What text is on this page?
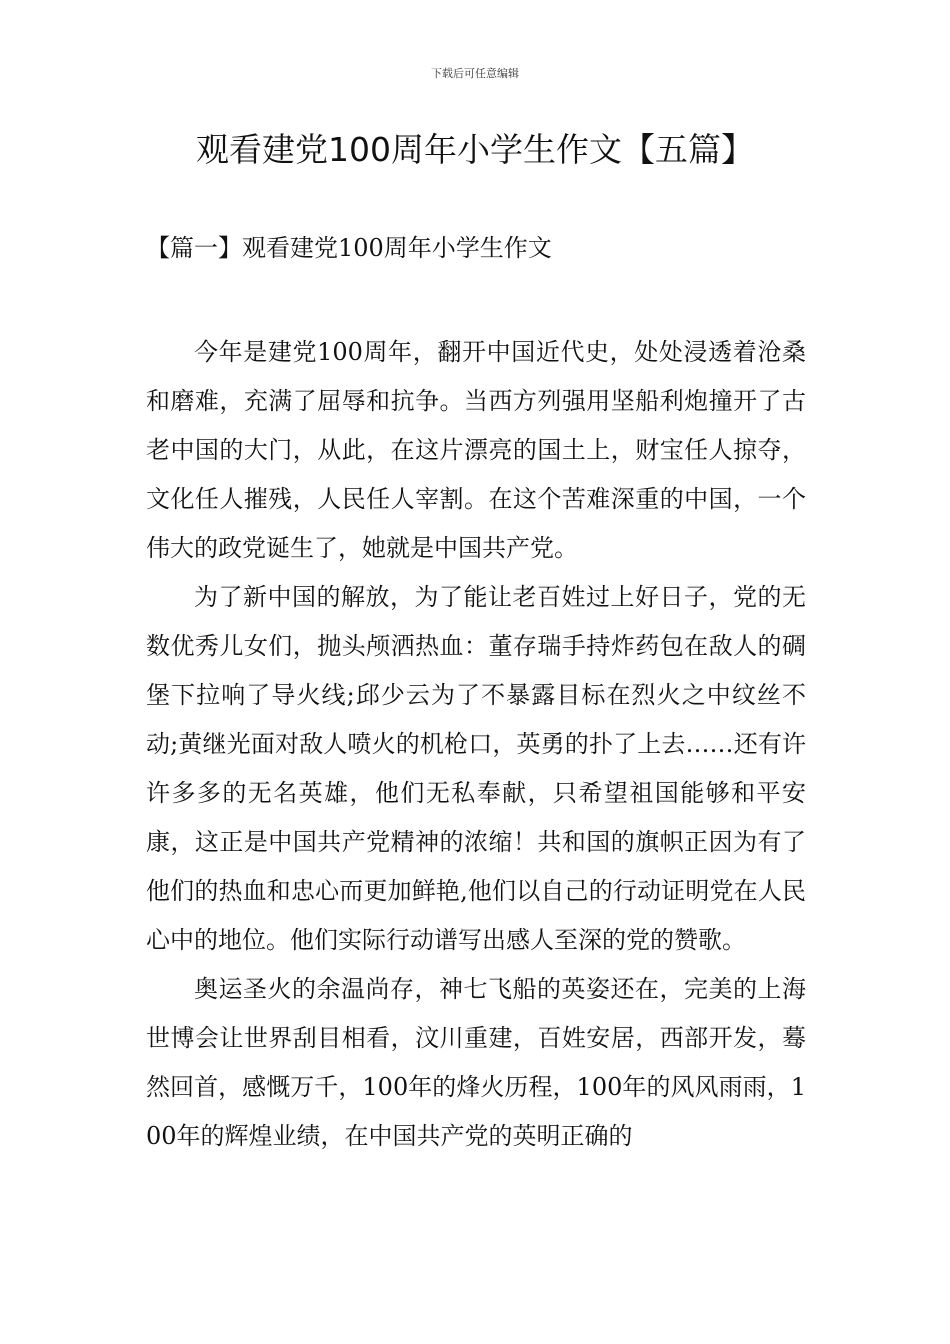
下载后可任意编辑
观看建党100周年小学生作文【五篇】
【篇一】观看建党100周年小学生作文

今年是建党100周年，翻开中国近代史，处处浸透着沧桑和磨难，充满了屈辱和抗争。当西方列强用坚船利炮撞开了古老中国的大门，从此，在这片漂亮的国土上，财宝任人掠夺，文化任人摧残，人民任人宰割。在这个苦难深重的中国，一个伟大的政党诞生了，她就是中国共产党。

为了新中国的解放，为了能让老百姓过上好日子，党的无数优秀儿女们，抛头颅洒热血：董存瑞手持炸药包在敌人的碉堡下拉响了导火线;邱少云为了不暴露目标在烈火之中纹丝不动;黄继光面对敌人喷火的机枪口，英勇的扑了上去……还有许许多多的无名英雄，他们无私奉献，只希望祖国能够和平安康，这正是中国共产党精神的浓缩！共和国的旗帜正因为有了他们的热血和忠心而更加鲜艳,他们以自己的行动证明党在人民心中的地位。他们实际行动谱写出感人至深的党的赞歌。

奥运圣火的余温尚存，神七飞船的英姿还在，完美的上海世博会让世界刮目相看，汶川重建，百姓安居，西部开发，蓦然回首，感慨万千，100年的烽火历程，100年的风风雨雨，100年的辉煌业绩，在中国共产党的英明正确的
